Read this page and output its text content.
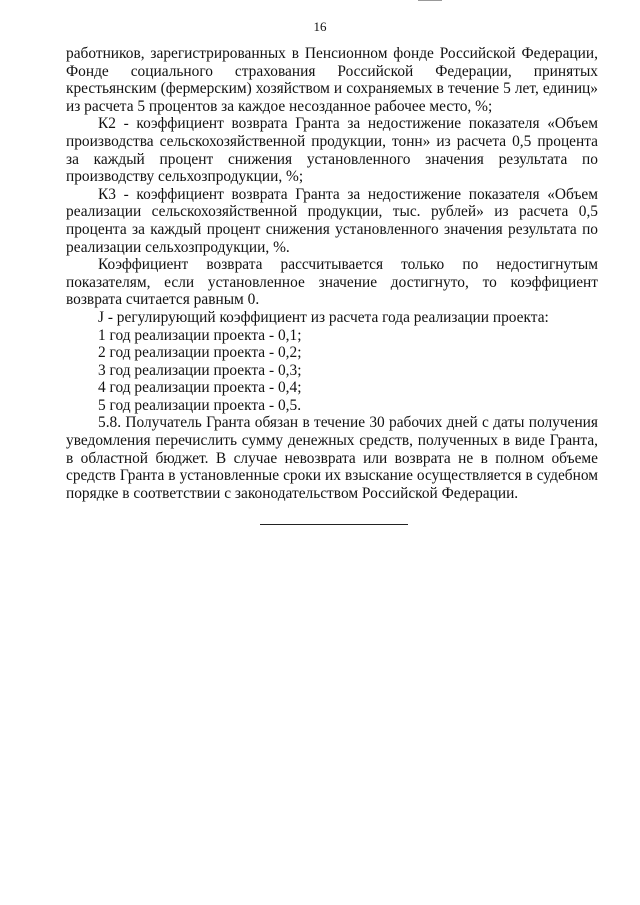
16

работников, зарегистрированных в Пенсионном фонде Российской Федерации, Фонде социального страхования Российской Федерации, принятых крестьянским (фермерским) хозяйством и сохраняемых в течение 5 лет, единиц» из расчета 5 процентов за каждое несозданное рабочее место, %;

К2 - коэффициент возврата Гранта за недостижение показателя «Объем производства сельскохозяйственной продукции, тонн» из расчета 0,5 процента за каждый процент снижения установленного значения результата по производству сельхозпродукции, %;

К3 - коэффициент возврата Гранта за недостижение показателя «Объем реализации сельскохозяйственной продукции, тыс. рублей» из расчета 0,5 процента за каждый процент снижения установленного значения результата по реализации сельхозпродукции, %.

Коэффициент возврата рассчитывается только по недостигнутым показателям, если установленное значение достигнуто, то коэффициент возврата считается равным 0.

J - регулирующий коэффициент из расчета года реализации проекта:

1 год реализации проекта - 0,1;

2 год реализации проекта - 0,2;

3 год реализации проекта - 0,3;

4 год реализации проекта - 0,4;

5 год реализации проекта - 0,5.

5.8. Получатель Гранта обязан в течение 30 рабочих дней с даты получения уведомления перечислить сумму денежных средств, полученных в виде Гранта, в областной бюджет. В случае невозврата или возврата не в полном объеме средств Гранта в установленные сроки их взыскание осуществляется в судебном порядке в соответствии с законодательством Российской Федерации.
